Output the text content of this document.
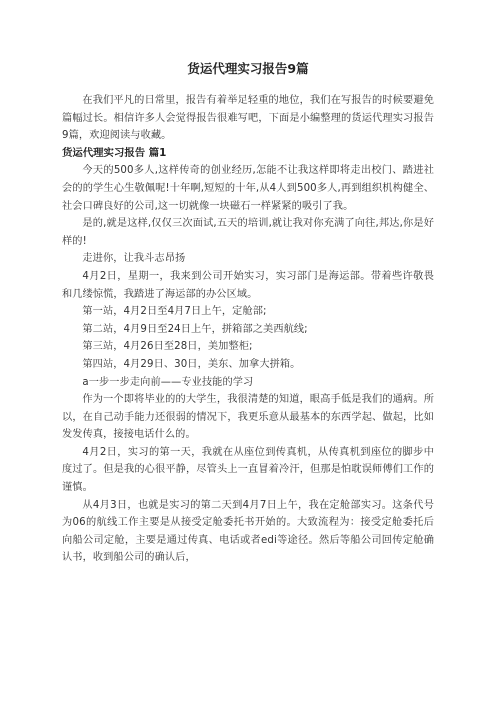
货运代理实习报告9篇

在我们平凡的日常里，报告有着举足轻重的地位，我们在写报告的时候要避免篇幅过长。相信许多人会觉得报告很难写吧，下面是小编整理的货运代理实习报告9篇，欢迎阅读与收藏。

货运代理实习报告 篇1

今天的500多人,这样传奇的创业经历,怎能不让我这样即将走出校门、踏进社会的的学生心生敬佩呢!十年啊,短短的十年,从4人到500多人,再到组织机构健全、社会口碑良好的公司,这一切就像一块磁石一样紧紧的吸引了我。

是的,就是这样,仅仅三次面试,五天的培训,就让我对你充满了向往,邦达,你是好样的!

走进你，让我斗志昂扬

4月2日，星期一，我来到公司开始实习，实习部门是海运部。带着些许敬畏和几缕惊慌，我踏进了海运部的办公区域。

第一站，4月2日至4月7日上午，定舱部;

第二站，4月9日至24日上午，拼箱部之美西航线;

第三站，4月26日至28日，美加整柜;

第四站，4月29日、30日，美东、加拿大拼箱。

a一步一步走向前——专业技能的学习

作为一个即将毕业的的大学生，我很清楚的知道，眼高手低是我们的通病。所以，在自己动手能力还很弱的情况下，我更乐意从最基本的东西学起、做起，比如发发传真，接接电话什么的。

4月2日，实习的第一天，我就在从座位到传真机，从传真机到座位的脚步中度过了。但是我的心很平静，尽管头上一直冒着冷汗，但那是怕耽误师傅们工作的谨慎。

从4月3日，也就是实习的第二天到4月7日上午，我在定舱部实习。这条代号为06的航线工作主要是从接受定舱委托书开始的。大致流程为：接受定舱委托后向船公司定舱，主要是通过传真、电话或者edi等途径。然后等船公司回传定舱确认书，收到船公司的确认后，
